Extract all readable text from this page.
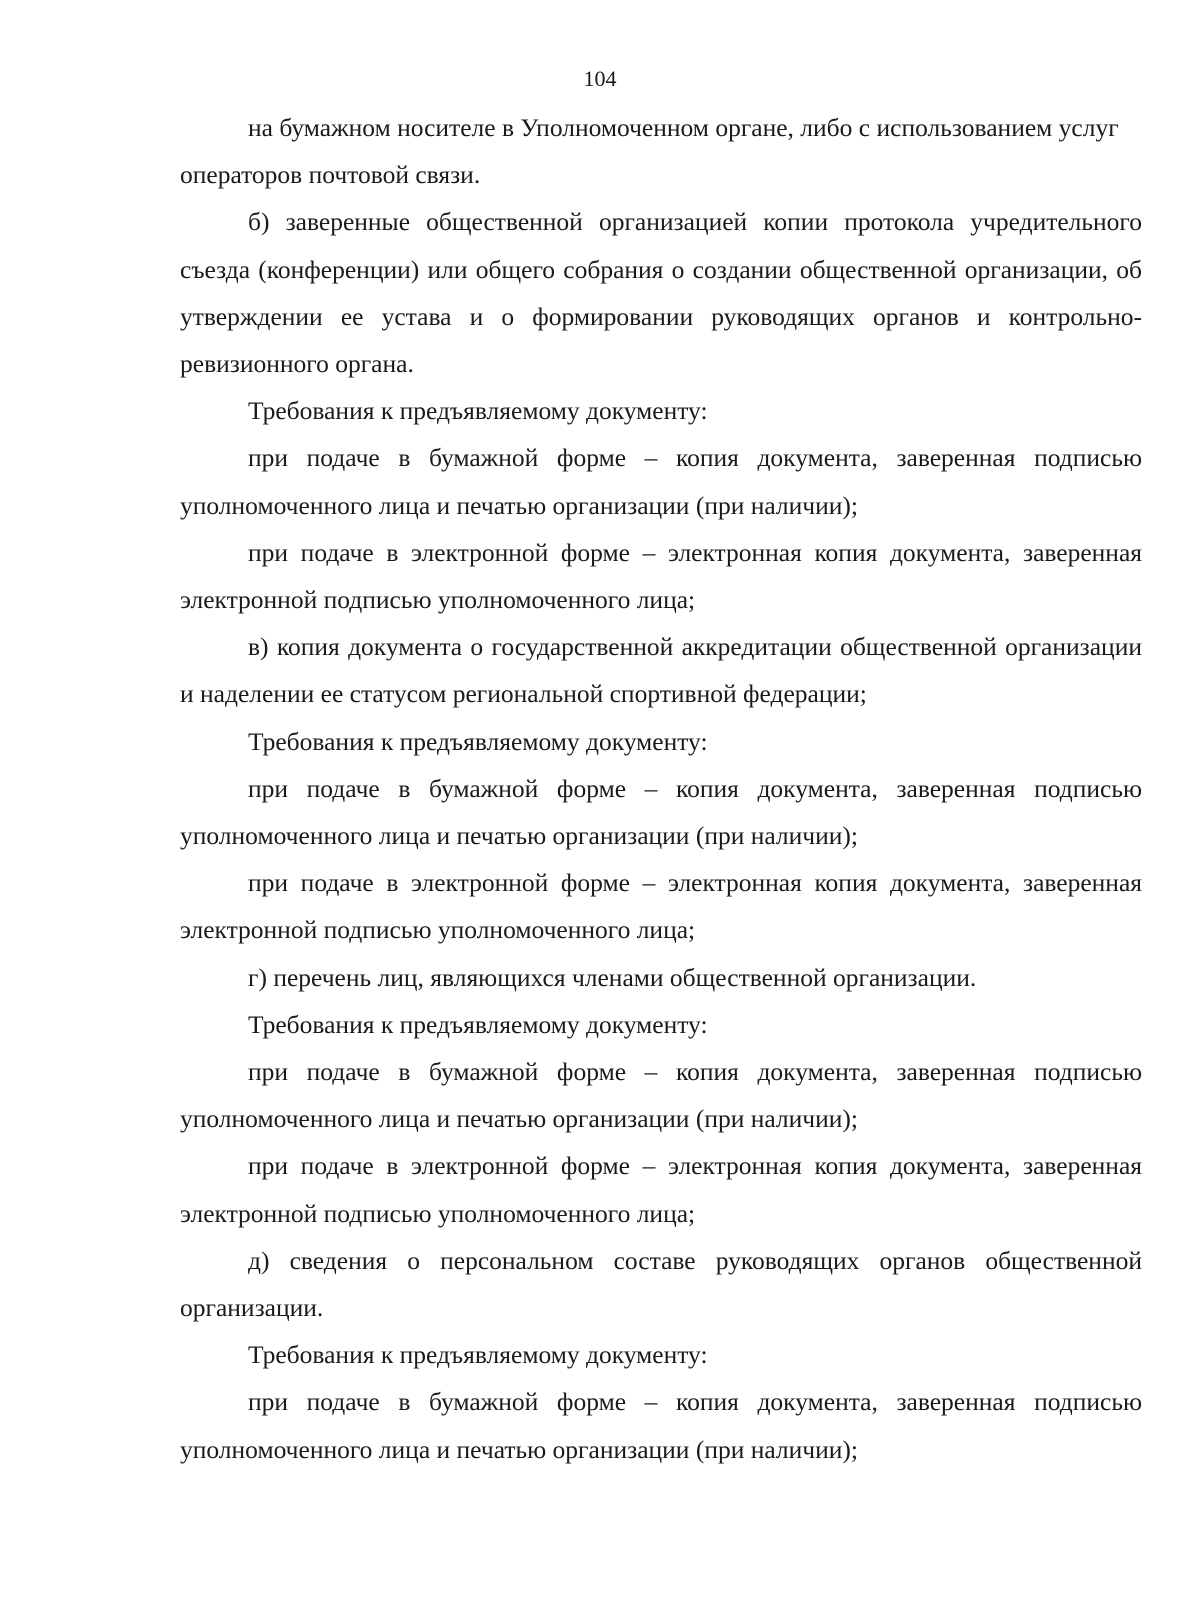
104

на бумажном носителе в Уполномоченном органе, либо с использованием услуг операторов почтовой связи.

б) заверенные общественной организацией копии протокола учредительного съезда (конференции) или общего собрания о создании общественной организации, об утверждении ее устава и о формировании руководящих органов и контрольно-ревизионного органа.

Требования к предъявляемому документу:

при подаче в бумажной форме – копия документа, заверенная подписью уполномоченного лица и печатью организации (при наличии);

при подаче в электронной форме – электронная копия документа, заверенная электронной подписью уполномоченного лица;

в) копия документа о государственной аккредитации общественной организации и наделении ее статусом региональной спортивной федерации;

Требования к предъявляемому документу:

при подаче в бумажной форме – копия документа, заверенная подписью уполномоченного лица и печатью организации (при наличии);

при подаче в электронной форме – электронная копия документа, заверенная электронной подписью уполномоченного лица;

г) перечень лиц, являющихся членами общественной организации.

Требования к предъявляемому документу:

при подаче в бумажной форме – копия документа, заверенная подписью уполномоченного лица и печатью организации (при наличии);

при подаче в электронной форме – электронная копия документа, заверенная электронной подписью уполномоченного лица;

д) сведения о персональном составе руководящих органов общественной организации.

Требования к предъявляемому документу:

при подаче в бумажной форме – копия документа, заверенная подписью уполномоченного лица и печатью организации (при наличии);
